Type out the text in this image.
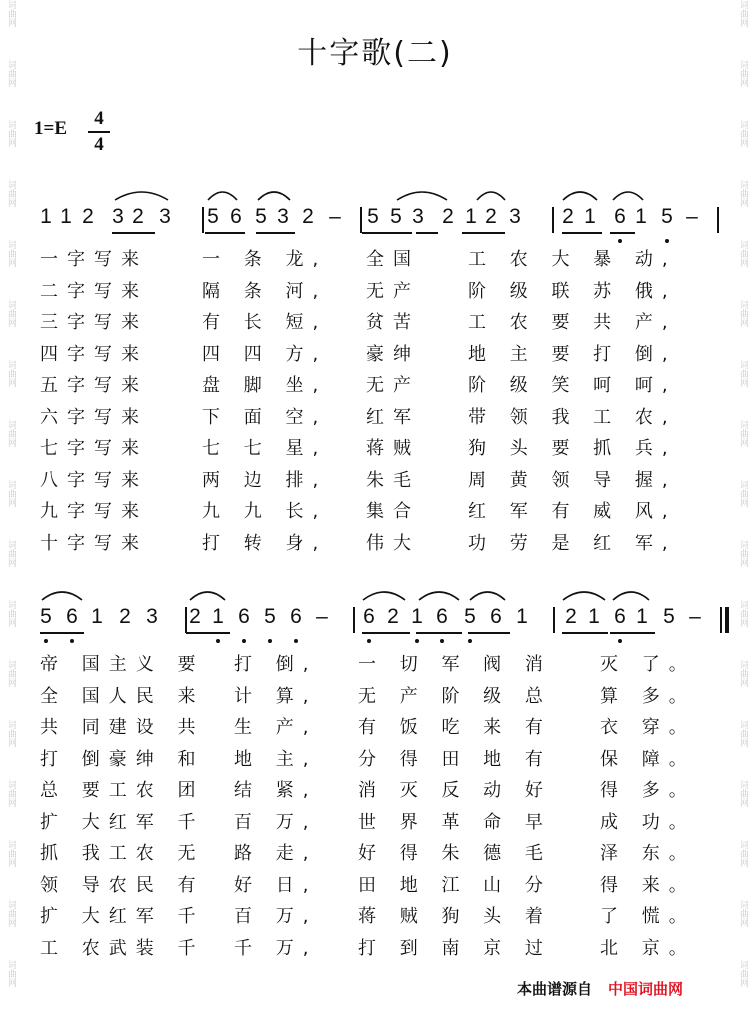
词曲网
词曲网
词曲网
词曲网
词曲网
词曲网
词曲网
词曲网
词曲网
词曲网
词曲网
词曲网
词曲网
词曲网
词曲网
词曲网
词曲网
词曲网
词曲网
词曲网
词曲网
词曲网
词曲网
词曲网
词曲网
词曲网
词曲网
词曲网
词曲网
词曲网
词曲网
词曲网
词曲网
词曲网
十字歌(二)
1=E	4
4
1 1 2 3 2 3 5 6 5 3 2 – 5 5 3 2 1 2 3 2 1 6 1 5 –
一字写来	一 条 龙, 全国	工 农 大 暴 动,
二字写来	隔 条 河, 无产	阶 级 联 苏 俄,
三字写来	有 长 短, 贫苦	工 农 要 共 产,
四字写来	四 四 方, 豪绅	地 主 要 打 倒,
五字写来	盘 脚 坐, 无产	阶 级 笑 呵 呵,
六字写来	下 面 空, 红军	带 领 我 工 农,
七字写来	七 七 星, 蒋贼	狗 头 要 抓 兵,
八字写来	两 边 排, 朱毛	周 黄 领 导 握,
九字写来	九 九 长, 集合	红 军 有 威 风,
十字写来	打 转 身, 伟大	功 劳 是 红 军,
5 6 1 2 3 2 1 6 5 6 – 6 2 1 6 5 6 1 2 1 6 1 5 –
帝 国主义 要 打 倒, 一 切 军 阀 消	灭 了。
全 国人民 来 计 算, 无 产 阶 级 总	算 多。
共 同建设 共 生 产, 有 饭 吃 来 有	衣 穿。
打 倒豪绅 和 地 主, 分 得 田 地 有	保 障。
总 要工农 团 结 紧, 消 灭 反 动 好	得 多。
扩 大红军 千 百 万, 世 界 革 命 早	成 功。
抓 我工农 无 路 走, 好 得 朱 德 毛	泽 东。
领 导农民 有 好 日, 田 地 江 山 分	得 来。
扩 大红军 千 百 万, 蒋 贼 狗 头 着	了 慌。
工 农武装 千 千 万, 打 到 南 京 过	北 京。
本曲谱源自 中国词曲网
